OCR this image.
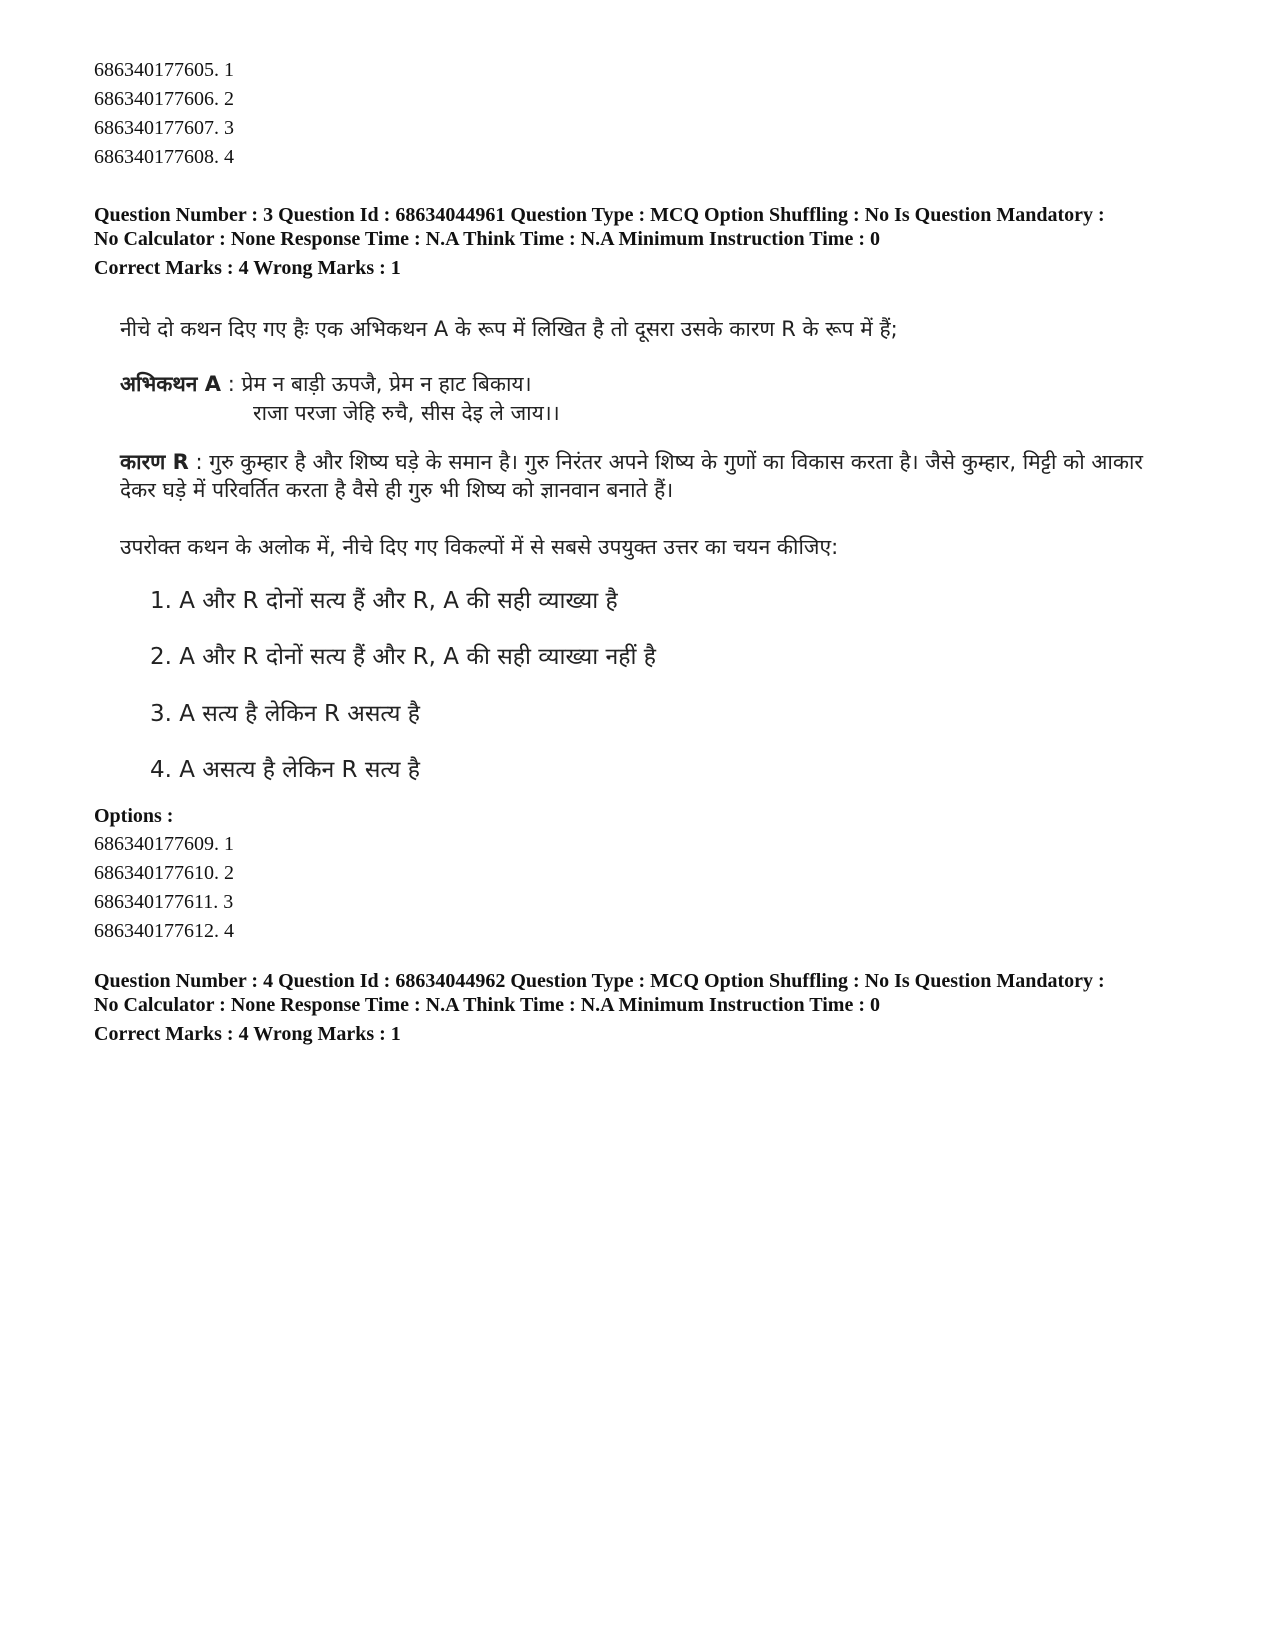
686340177605. 1
686340177606. 2
686340177607. 3
686340177608. 4
Question Number : 3 Question Id : 68634044961 Question Type : MCQ Option Shuffling : No Is Question Mandatory :
No Calculator : None Response Time : N.A Think Time : N.A Minimum Instruction Time : 0
Correct Marks : 4 Wrong Marks : 1
नीचे दो कथन दिए गए हैः एक अभिकथन A के रूप में लिखित है तो दूसरा उसके कारण R के रूप में हैं;
अभिकथन A : प्रेम न बाड़ी ऊपजै, प्रेम न हाट बिकाय।
राजा परजा जेहि रुचै, सीस देइ ले जाय।।
कारण R : गुरु कुम्हार है और शिष्य घड़े के समान है। गुरु निरंतर अपने शिष्य के गुणों का विकास करता है। जैसे कुम्हार, मिट्टी को आकार देकर घड़े में परिवर्तित करता है वैसे ही गुरु भी शिष्य को ज्ञानवान बनाते हैं।
उपरोक्त कथन के अलोक में, नीचे दिए गए विकल्पों में से सबसे उपयुक्त उत्तर का चयन कीजिए:
1. A और R दोनों सत्य हैं और R, A की सही व्याख्या है
2. A और R दोनों सत्य हैं और R, A की सही व्याख्या नहीं है
3. A सत्य है लेकिन R असत्य है
4. A असत्य है लेकिन R सत्य है
Options :
686340177609. 1
686340177610. 2
686340177611. 3
686340177612. 4
Question Number : 4 Question Id : 68634044962 Question Type : MCQ Option Shuffling : No Is Question Mandatory :
No Calculator : None Response Time : N.A Think Time : N.A Minimum Instruction Time : 0
Correct Marks : 4 Wrong Marks : 1
